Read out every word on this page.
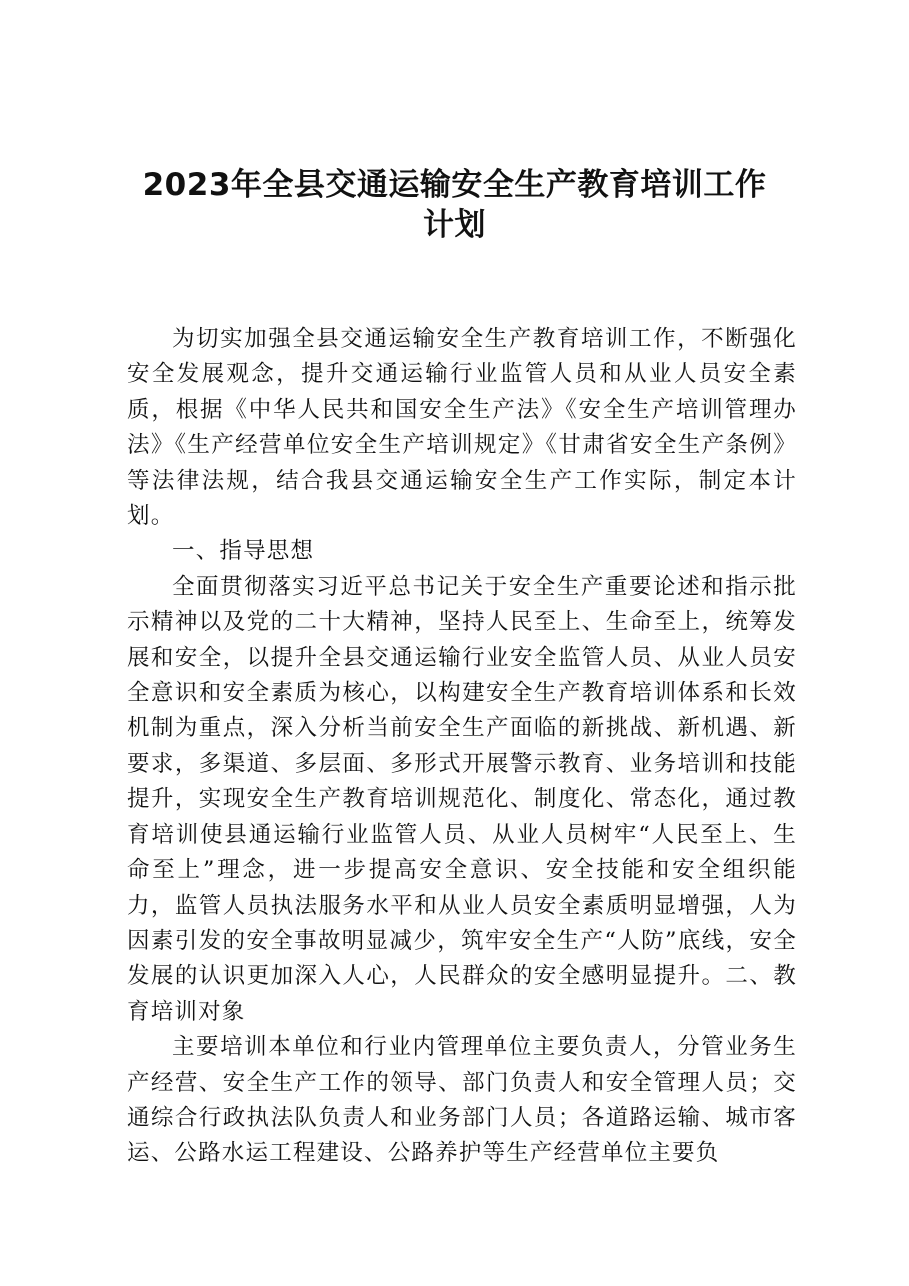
2023年全县交通运输安全生产教育培训工作
计划

为切实加强全县交通运输安全生产教育培训工作，不断强化安全发展观念，提升交通运输行业监管人员和从业人员安全素质，根据《中华人民共和国安全生产法》《安全生产培训管理办法》《生产经营单位安全生产培训规定》《甘肃省安全生产条例》等法律法规，结合我县交通运输安全生产工作实际，制定本计划。

一、指导思想

全面贯彻落实习近平总书记关于安全生产重要论述和指示批示精神以及党的二十大精神，坚持人民至上、生命至上，统筹发展和安全，以提升全县交通运输行业安全监管人员、从业人员安全意识和安全素质为核心，以构建安全生产教育培训体系和长效机制为重点，深入分析当前安全生产面临的新挑战、新机遇、新要求，多渠道、多层面、多形式开展警示教育、业务培训和技能提升，实现安全生产教育培训规范化、制度化、常态化，通过教育培训使县通运输行业监管人员、从业人员树牢“人民至上、生命至上”理念，进一步提高安全意识、安全技能和安全组织能力，监管人员执法服务水平和从业人员安全素质明显增强，人为因素引发的安全事故明显减少，筑牢安全生产“人防”底线，安全发展的认识更加深入人心，人民群众的安全感明显提升。二、教育培训对象

主要培训本单位和行业内管理单位主要负责人，分管业务生产经营、安全生产工作的领导、部门负责人和安全管理人员；交通综合行政执法队负责人和业务部门人员；各道路运输、城市客运、公路水运工程建设、公路养护等生产经营单位主要负
